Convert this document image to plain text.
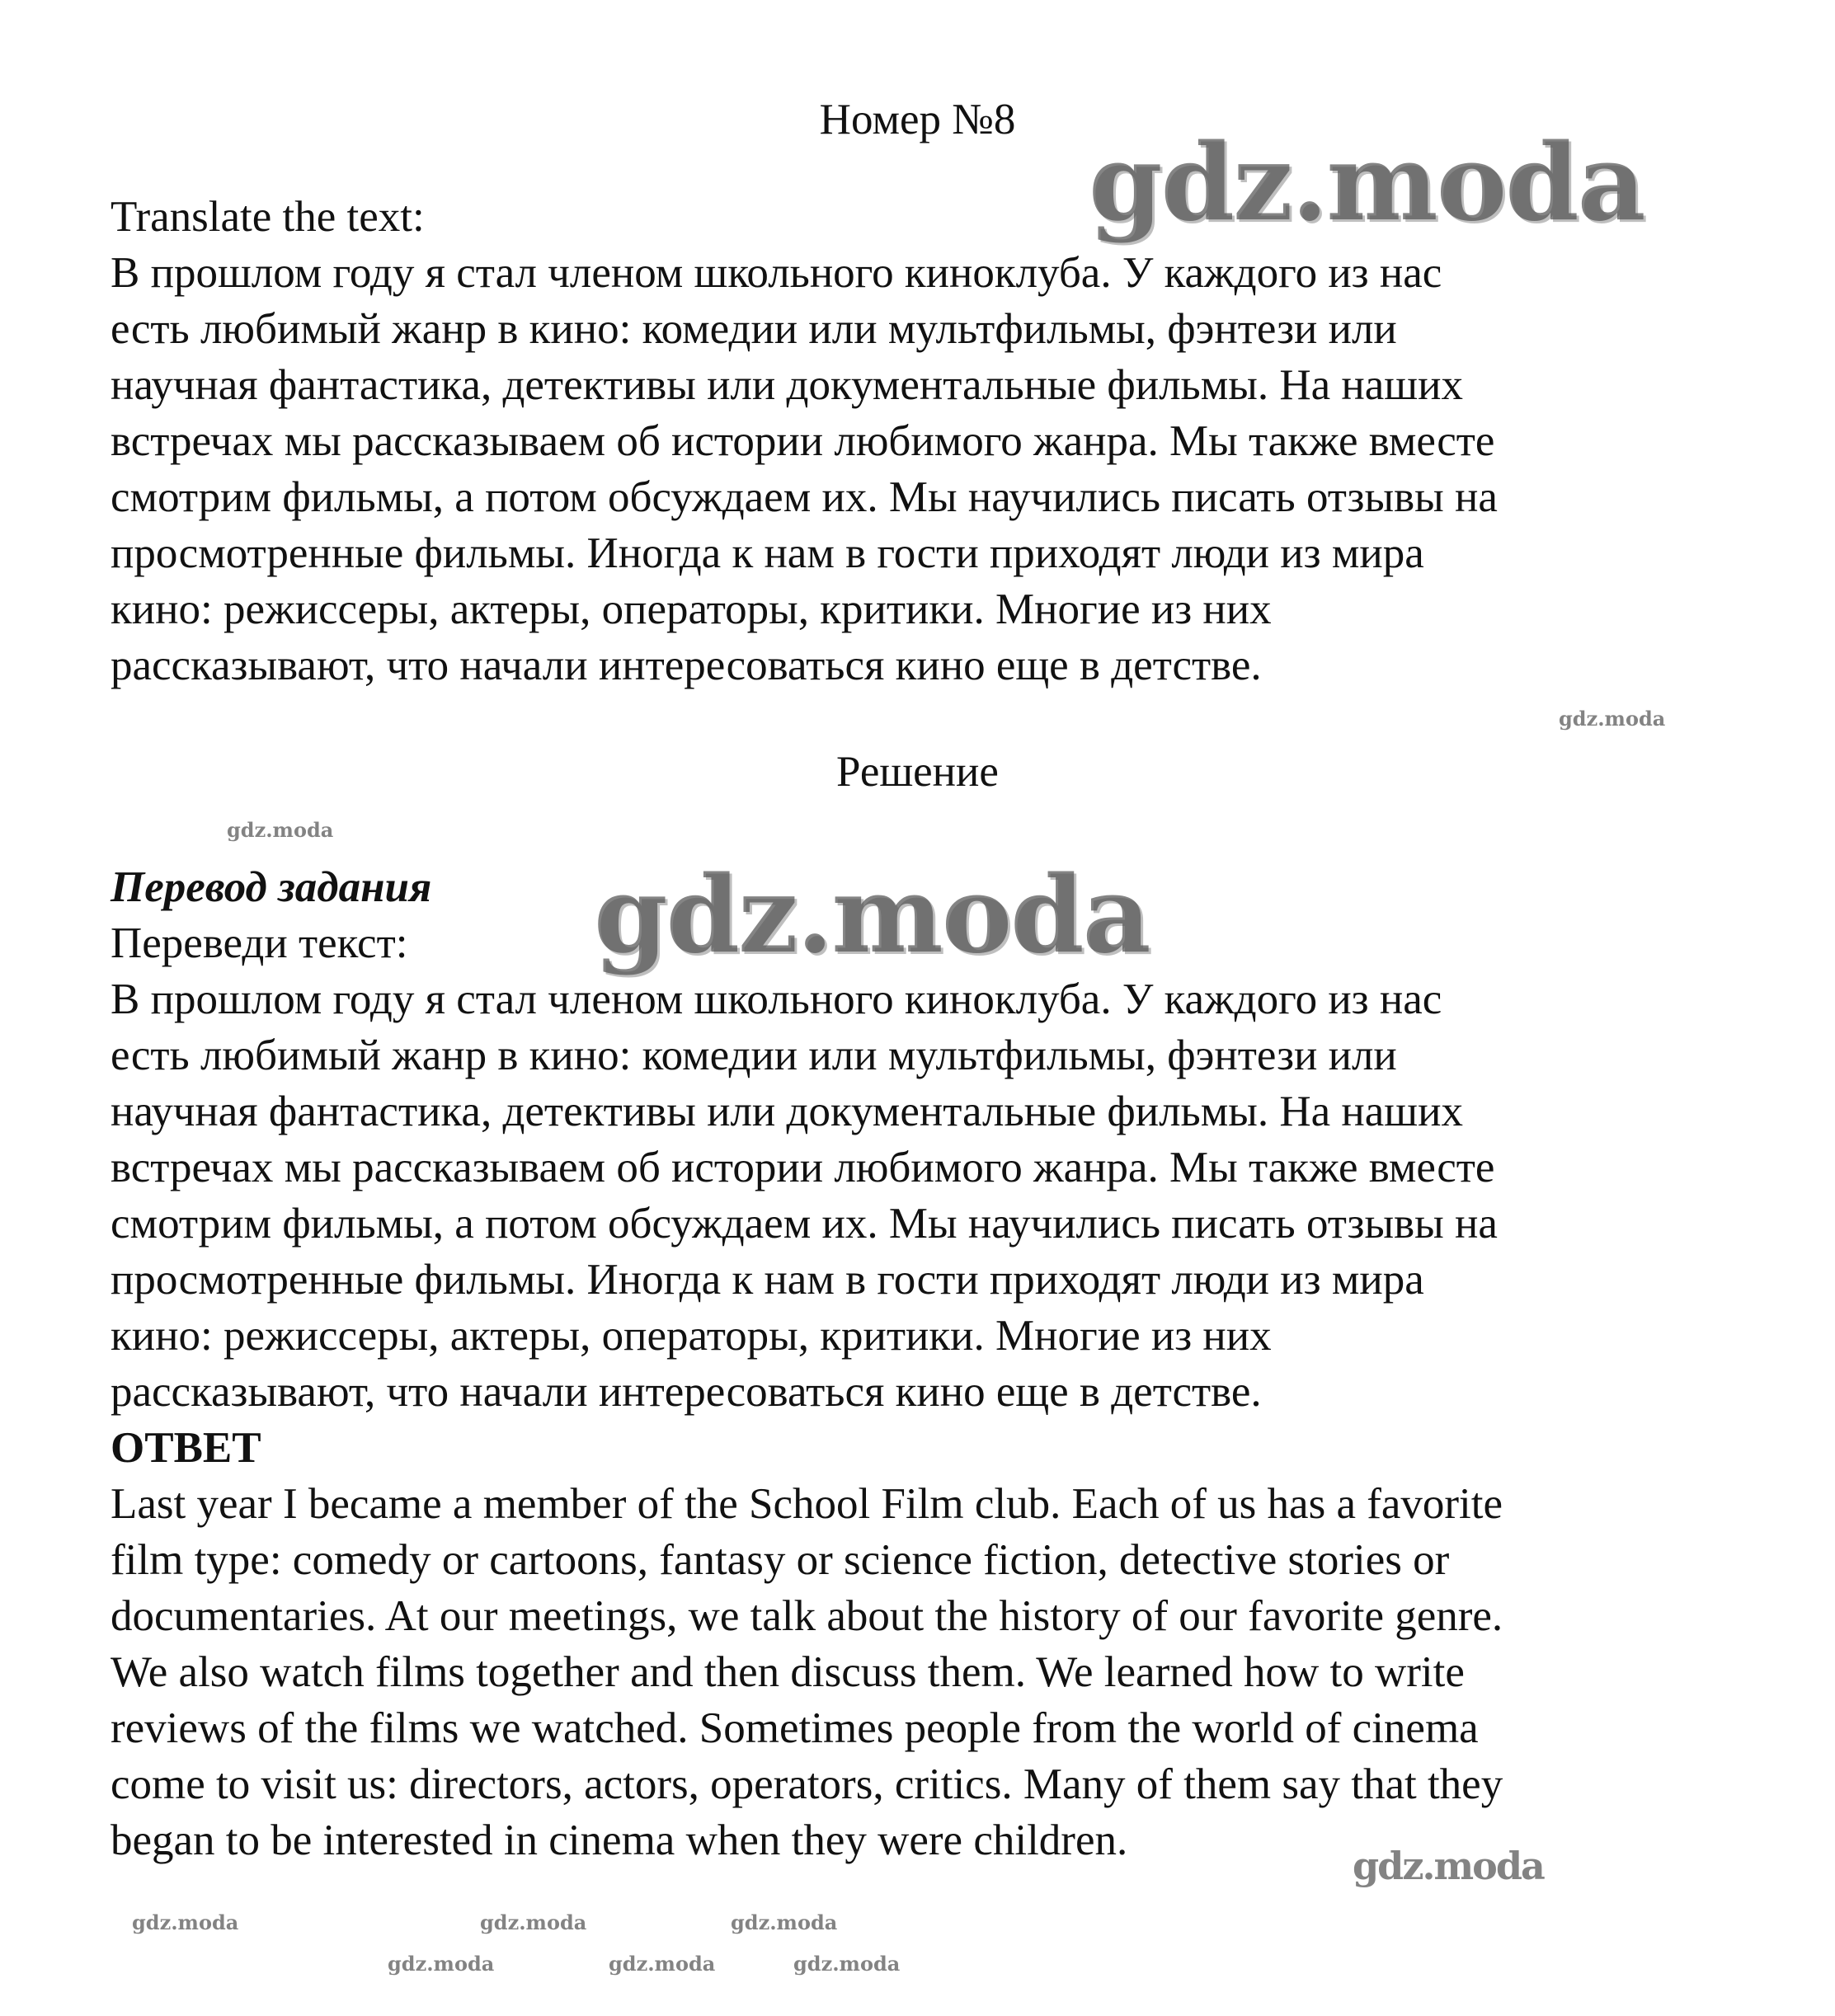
Номер №8
Translate the text:
В прошлом году я стал членом школьного киноклуба. У каждого из нас
есть любимый жанр в кино: комедии или мультфильмы, фэнтези или
научная фантастика, детективы или документальные фильмы. На наших
встречах мы рассказываем об истории любимого жанра. Мы также вместе
смотрим фильмы, а потом обсуждаем их. Мы научились писать отзывы на
просмотренные фильмы. Иногда к нам в гости приходят люди из мира
кино: режиссеры, актеры, операторы, критики. Многие из них
рассказывают, что начали интересоваться кино еще в детстве.
Решение
Перевод задания
Переведи текст:
В прошлом году я стал членом школьного киноклуба. У каждого из нас
есть любимый жанр в кино: комедии или мультфильмы, фэнтези или
научная фантастика, детективы или документальные фильмы. На наших
встречах мы рассказываем об истории любимого жанра. Мы также вместе
смотрим фильмы, а потом обсуждаем их. Мы научились писать отзывы на
просмотренные фильмы. Иногда к нам в гости приходят люди из мира
кино: режиссеры, актеры, операторы, критики. Многие из них
рассказывают, что начали интересоваться кино еще в детстве.
ОТВЕТ
Last year I became a member of the School Film club. Each of us has a favorite
film type: comedy or cartoons, fantasy or science fiction, detective stories or
documentaries. At our meetings, we talk about the history of our favorite genre.
We also watch films together and then discuss them. We learned how to write
reviews of the films we watched. Sometimes people from the world of cinema
come to visit us: directors, actors, operators, critics. Many of them say that they
began to be interested in cinema when they were children.
gdz.moda
gdz.moda
gdz.moda
gdz.moda	gdz.moda
gdz.moda	gdz.moda
gdz.moda
gdz.moda
gdz.moda
gdz.moda
